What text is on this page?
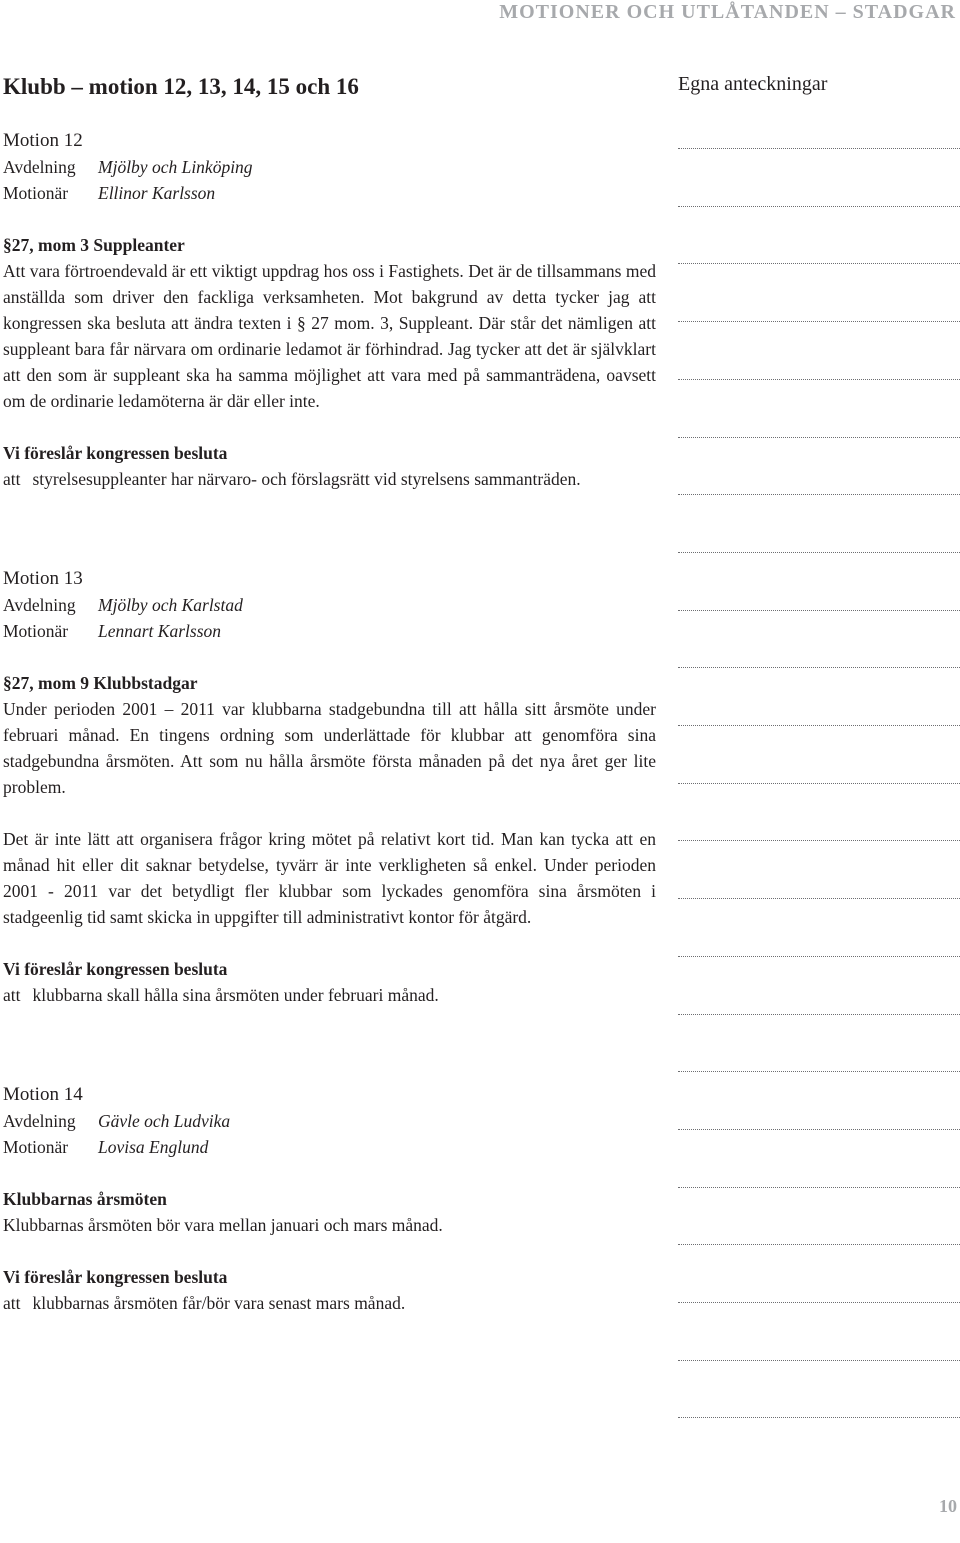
MOTIONER OCH UTLÅTANDEN – STADGAR
Klubb – motion 12, 13, 14, 15 och 16	Egna anteckningar
Motion 12
Avdelning Mjölby och Linköping
Motionär Ellinor Karlsson
§27, mom 3 Suppleanter

Att vara förtroendevald är ett viktigt uppdrag hos oss i Fastighets. Det är de tillsammans med anställda som driver den fackliga verksamheten. Mot bakgrund av detta tycker jag att kongressen ska besluta att ändra texten i § 27 mom. 3, Suppleant. Där står det nämligen att suppleant bara får närvara om ordinarie ledamot är förhindrad. Jag tycker att det är självklart att den som är suppleant ska ha samma möjlighet att vara med på sammanträdena, oavsett om de ordinarie ledamöterna är där eller inte.

Vi föreslår kongressen besluta
att styrelsesuppleanter har närvaro- och förslagsrätt vid styrelsens sammanträden.
Motion 13
Avdelning Mjölby och Karlstad
Motionär Lennart Karlsson
§27, mom 9 Klubbstadgar

Under perioden 2001 – 2011 var klubbarna stadgebundna till att hålla sitt årsmöte under februari månad. En tingens ordning som underlättade för klubbar att genomföra sina stadgebundna årsmöten. Att som nu hålla årsmöte första månaden på det nya året ger lite problem.

Det är inte lätt att organisera frågor kring mötet på relativt kort tid. Man kan tycka att en månad hit eller dit saknar betydelse, tyvärr är inte verkligheten så enkel. Under perioden 2001 - 2011 var det betydligt fler klubbar som lyckades genomföra sina årsmöten i stadgeenlig tid samt skicka in uppgifter till administrativt kontor för åtgärd.

Vi föreslår kongressen besluta
att klubbarna skall hålla sina årsmöten under februari månad.
Motion 14
Avdelning Gävle och Ludvika
Motionär Lovisa Englund
Klubbarnas årsmöten

Klubbarnas årsmöten bör vara mellan januari och mars månad.

Vi föreslår kongressen besluta
att klubbarnas årsmöten får/bör vara senast mars månad.
10
